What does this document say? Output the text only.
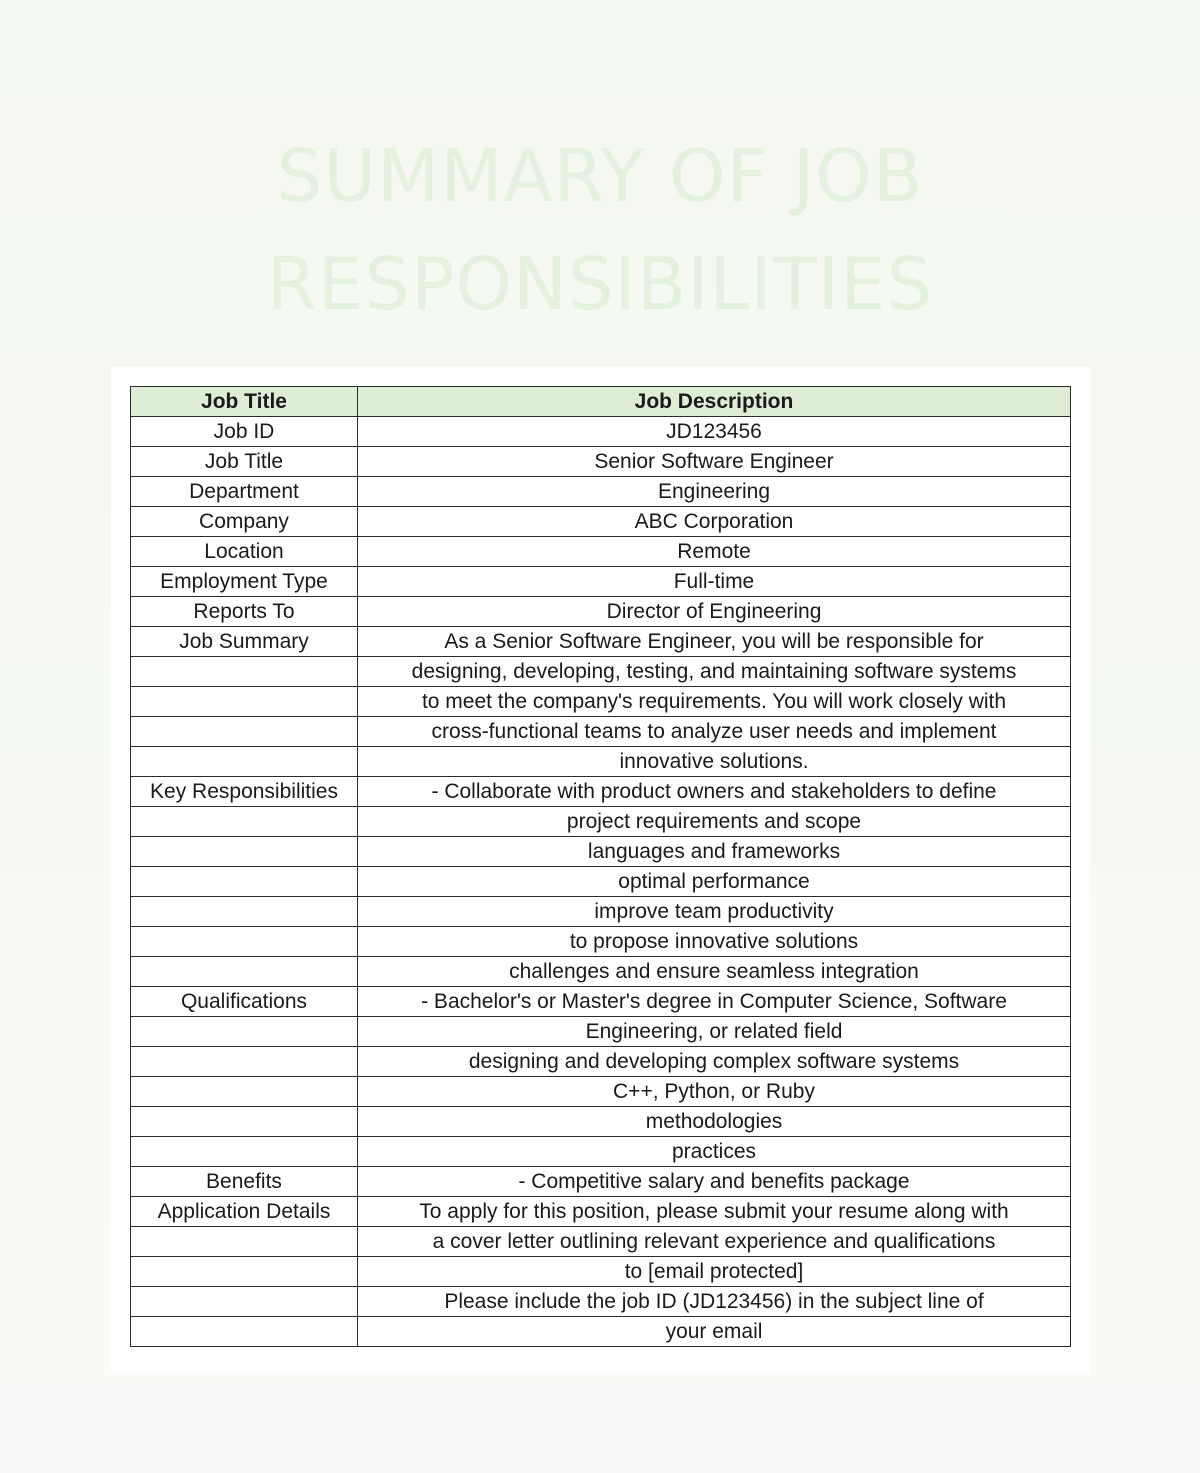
SUMMARY OF JOB
RESPONSIBILITIES
Job Title	Job Description
Job ID	JD123456
Job Title	Senior Software Engineer
Department	Engineering
Company	ABC Corporation
Location	Remote
Employment Type	Full-time
Reports To	Director of Engineering
Job Summary	As a Senior Software Engineer, you will be responsible for
	designing, developing, testing, and maintaining software systems
	to meet the company's requirements. You will work closely with
	cross-functional teams to analyze user needs and implement
	innovative solutions.
Key Responsibilities	- Collaborate with product owners and stakeholders to define
	project requirements and scope
	languages and frameworks
	optimal performance
	improve team productivity
	to propose innovative solutions
	challenges and ensure seamless integration
Qualifications	- Bachelor's or Master's degree in Computer Science, Software
	Engineering, or related field
	designing and developing complex software systems
	C++, Python, or Ruby
	methodologies
	practices
Benefits	- Competitive salary and benefits package
Application Details	To apply for this position, please submit your resume along with
	a cover letter outlining relevant experience and qualifications
	to [email protected]
	Please include the job ID (JD123456) in the subject line of
	your email
